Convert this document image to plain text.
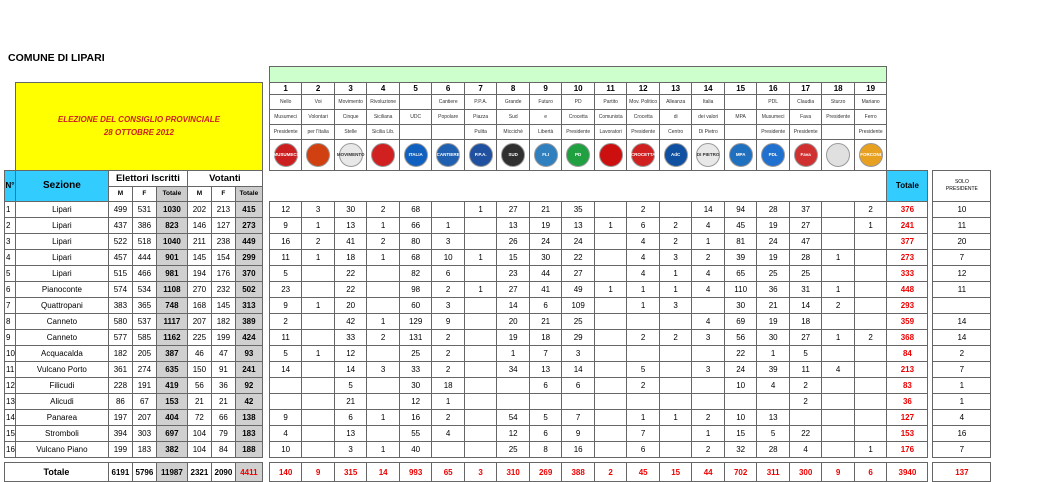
COMUNE DI LIPARI

	ELEZIONE DEL CONSIGLIO PROVINCIALE
28 OTTOBRE 2012								1	2	3	4	5	6	7	8	9	10	11	12	13	14	15	16	17	18	19			
									Nello	Voi	Movimento	Rivoluzione		Cantiere	P.P.A.	Grande	Futuro	PD	Partito	Mov. Politico	Alleanza	Italia		PDL	Claudia	Sturzo	Mariano			
									Musumeci	Volontari	Cinque	Siciliana	UDC	Popolare	Piazza	Sud	e	Crocetta	Comunista	Crocetta	di	dei valori	MPA	Musumeci	Fava	Presidente	Ferro			
									Presidente	per l'Italia	Stelle	Sicilia Lib.			Pulita	Miccichè	Libertà	Presidente	Lavoratori	Presidente	Centro	Di Pietro		Presidente	Presidente		Presidente			

MUSUMECI		MOVIMENTO		ITALIA	CANTIERE	P.P.A.	SUD	FLI	PD		CROCETTA	AdC	DI PIETRO	MPA	PDL	Fava		FORCONI			

N°	Sezione	Elettori Iscritti			Votanti																							Totale		SOLO
PRESIDENTE

		M	F	Totale	M	F	Totale																							
1	Lipari	499	531	1030	202	213	415		12	3	30	2	68		1	27	21	35		2		14	94	28	37		2	376		10
2	Lipari	437	386	823	146	127	273		9	1	13	1	66	1		13	19	13	1	6	2	4	45	19	27		1	241		11
3	Lipari	522	518	1040	211	238	449		16	2	41	2	80	3		26	24	24		4	2	1	81	24	47			377		20
4	Lipari	457	444	901	145	154	299		11	1	18	1	68	10	1	15	30	22		4	3	2	39	19	28	1		273		7
5	Lipari	515	466	981	194	176	370		5		22		82	6		23	44	27		4	1	4	65	25	25			333		12
6	Pianoconte	574	534	1108	270	232	502		23		22		98	2	1	27	41	49	1	1	1	4	110	36	31	1		448		11
7	Quattropani	383	365	748	168	145	313		9	1	20		60	3		14	6	109		1	3		30	21	14	2		293		
8	Canneto	580	537	1117	207	182	389		2		42	1	129	9		20	21	25				4	69	19	18			359		14
9	Canneto	577	585	1162	225	199	424		11		33	2	131	2		19	18	29		2	2	3	56	30	27	1	2	368		14
10	Acquacalda	182	205	387	46	47	93		5	1	12		25	2		1	7	3					22	1	5			84		2
11	Vulcano Porto	361	274	635	150	91	241		14		14	3	33	2		34	13	14		5		3	24	39	11	4		213		7
12	Filicudi	228	191	419	56	36	92				5		30	18			6	6		2			10	4	2			83		1
13	Alicudi	86	67	153	21	21	42				21		12	1											2			36		1
14	Panarea	197	207	404	72	66	138		9		6	1	16	2		54	5	7		1	1	2	10	13				127		4
15	Stromboli	394	303	697	104	79	183		4		13		55	4		12	6	9		7		1	15	5	22			153		16
16	Vulcano Piano	199	183	382	104	84	188		10		3	1	40			25	8	16		6		2	32	28	4		1	176		7

Totale		6191	5796	11987	2321	2090	4411		140	9	315	14	993	65	3	310	269	388	2	45	15	44	702	311	300	9	6	3940		137
